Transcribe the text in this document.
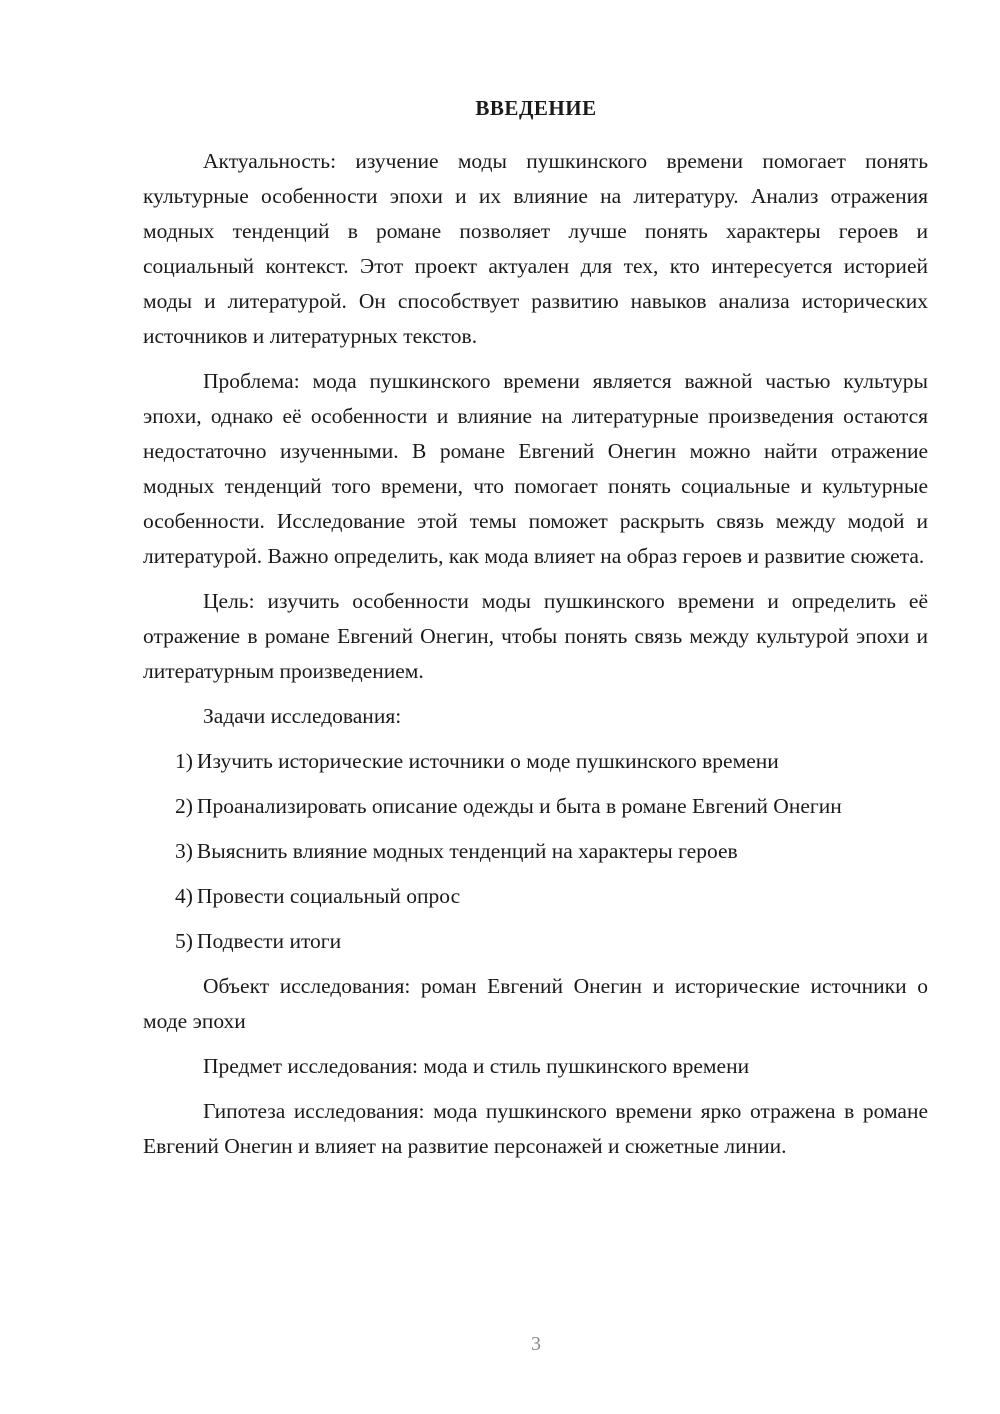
ВВЕДЕНИЕ

Актуальность: изучение моды пушкинского времени помогает понять культурные особенности эпохи и их влияние на литературу. Анализ отражения модных тенденций в романе позволяет лучше понять характеры героев и социальный контекст. Этот проект актуален для тех, кто интересуется историей моды и литературой. Он способствует развитию навыков анализа исторических источников и литературных текстов.

Проблема: мода пушкинского времени является важной частью культуры эпохи, однако её особенности и влияние на литературные произведения остаются недостаточно изученными. В романе Евгений Онегин можно найти отражение модных тенденций того времени, что помогает понять социальные и культурные особенности. Исследование этой темы поможет раскрыть связь между модой и литературой. Важно определить, как мода влияет на образ героев и развитие сюжета.

Цель: изучить особенности моды пушкинского времени и определить её отражение в романе Евгений Онегин, чтобы понять связь между культурой эпохи и литературным произведением.

Задачи исследования:

1) Изучить исторические источники о моде пушкинского времени

2) Проанализировать описание одежды и быта в романе Евгений Онегин

3) Выяснить влияние модных тенденций на характеры героев

4) Провести социальный опрос

5) Подвести итоги

Объект исследования: роман Евгений Онегин и исторические источники о моде эпохи

Предмет исследования: мода и стиль пушкинского времени

Гипотеза исследования: мода пушкинского времени ярко отражена в романе Евгений Онегин и влияет на развитие персонажей и сюжетные линии.

3
